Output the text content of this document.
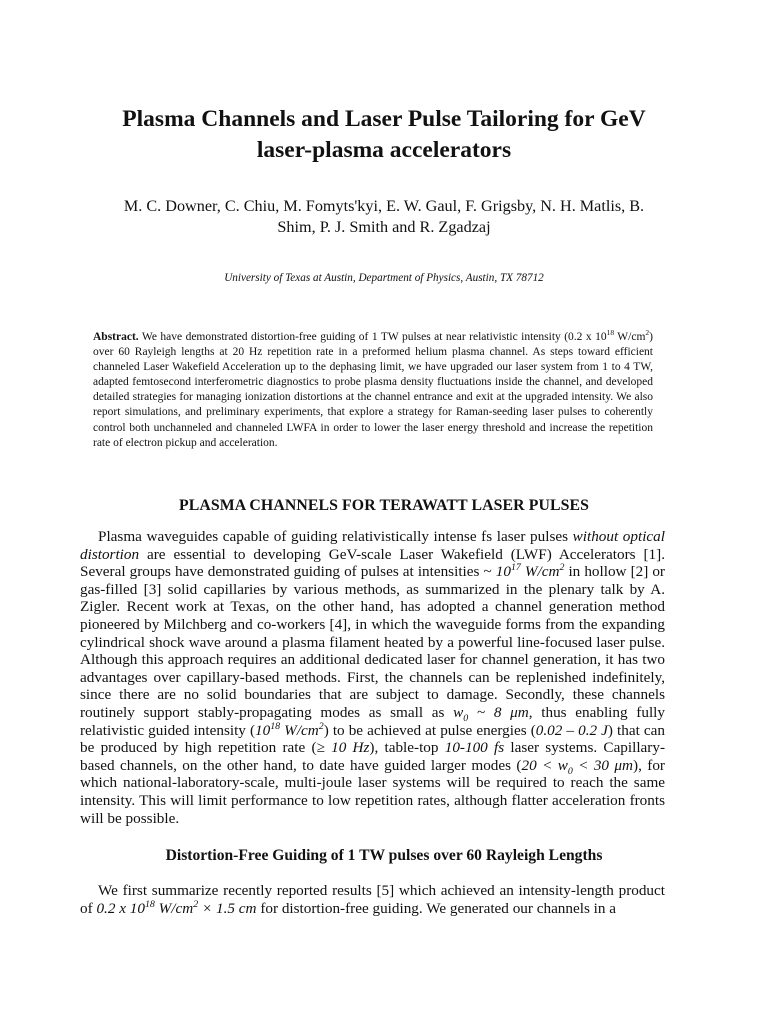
Plasma Channels and Laser Pulse Tailoring for GeV
laser-plasma accelerators
M. C. Downer, C. Chiu, M. Fomyts'kyi, E. W. Gaul, F. Grigsby, N. H. Matlis, B.
Shim, P. J. Smith and R. Zgadzaj
University of Texas at Austin, Department of Physics, Austin, TX 78712
Abstract. We have demonstrated distortion-free guiding of 1 TW pulses at near relativistic intensity (0.2 x $10^{18}$ $W/cm^2$) over 60 Rayleigh lengths at 20 Hz repetition rate in a preformed helium plasma channel. As steps toward efficient channeled Laser Wakefield Acceleration up to the dephasing limit, we have upgraded our laser system from 1 to 4 TW, adapted femtosecond interferometric diagnostics to probe plasma density fluctuations inside the channel, and developed detailed strategies for managing ionization distortions at the channel entrance and exit at the upgraded intensity. We also report simulations, and preliminary experiments, that explore a strategy for Raman-seeding laser pulses to coherently control both unchanneled and channeled LWFA in order to lower the laser energy threshold and increase the repetition rate of electron pickup and acceleration.
PLASMA CHANNELS FOR TERAWATT LASER PULSES
Plasma waveguides capable of guiding relativistically intense fs laser pulses without optical distortion are essential to developing GeV-scale Laser Wakefield (LWF) Accelerators [1]. Several groups have demonstrated guiding of pulses at intensities ~ $10^{17}$ $W/cm^2$ in hollow [2] or gas-filled [3] solid capillaries by various methods, as summarized in the plenary talk by A. Zigler. Recent work at Texas, on the other hand, has adopted a channel generation method pioneered by Milchberg and co-workers [4], in which the waveguide forms from the expanding cylindrical shock wave around a plasma filament heated by a powerful line-focused laser pulse. Although this approach requires an additional dedicated laser for channel generation, it has two advantages over capillary-based methods. First, the channels can be replenished indefinitely, since there are no solid boundaries that are subject to damage. Secondly, these channels routinely support stably-propagating modes as small as $w_0$ ~ 8 μm, thus enabling fully relativistic guided intensity ($10^{18}$ $W/cm^2$) to be achieved at pulse energies (0.02 – 0.2 J) that can be produced by high repetition rate (≥ 10 Hz), table-top 10-100 fs laser systems. Capillary-based channels, on the other hand, to date have guided larger modes ($20 < w_0 < 30$ μm), for which national-laboratory-scale, multi-joule laser systems will be required to reach the same intensity. This will limit performance to low repetition rates, although flatter acceleration fronts will be possible.
Distortion-Free Guiding of 1 TW pulses over 60 Rayleigh Lengths
We first summarize recently reported results [5] which achieved an intensity-length product of 0.2 x $10^{18}$ $W/cm^2 \times 1.5$ cm for distortion-free guiding. We generated our channels in a
